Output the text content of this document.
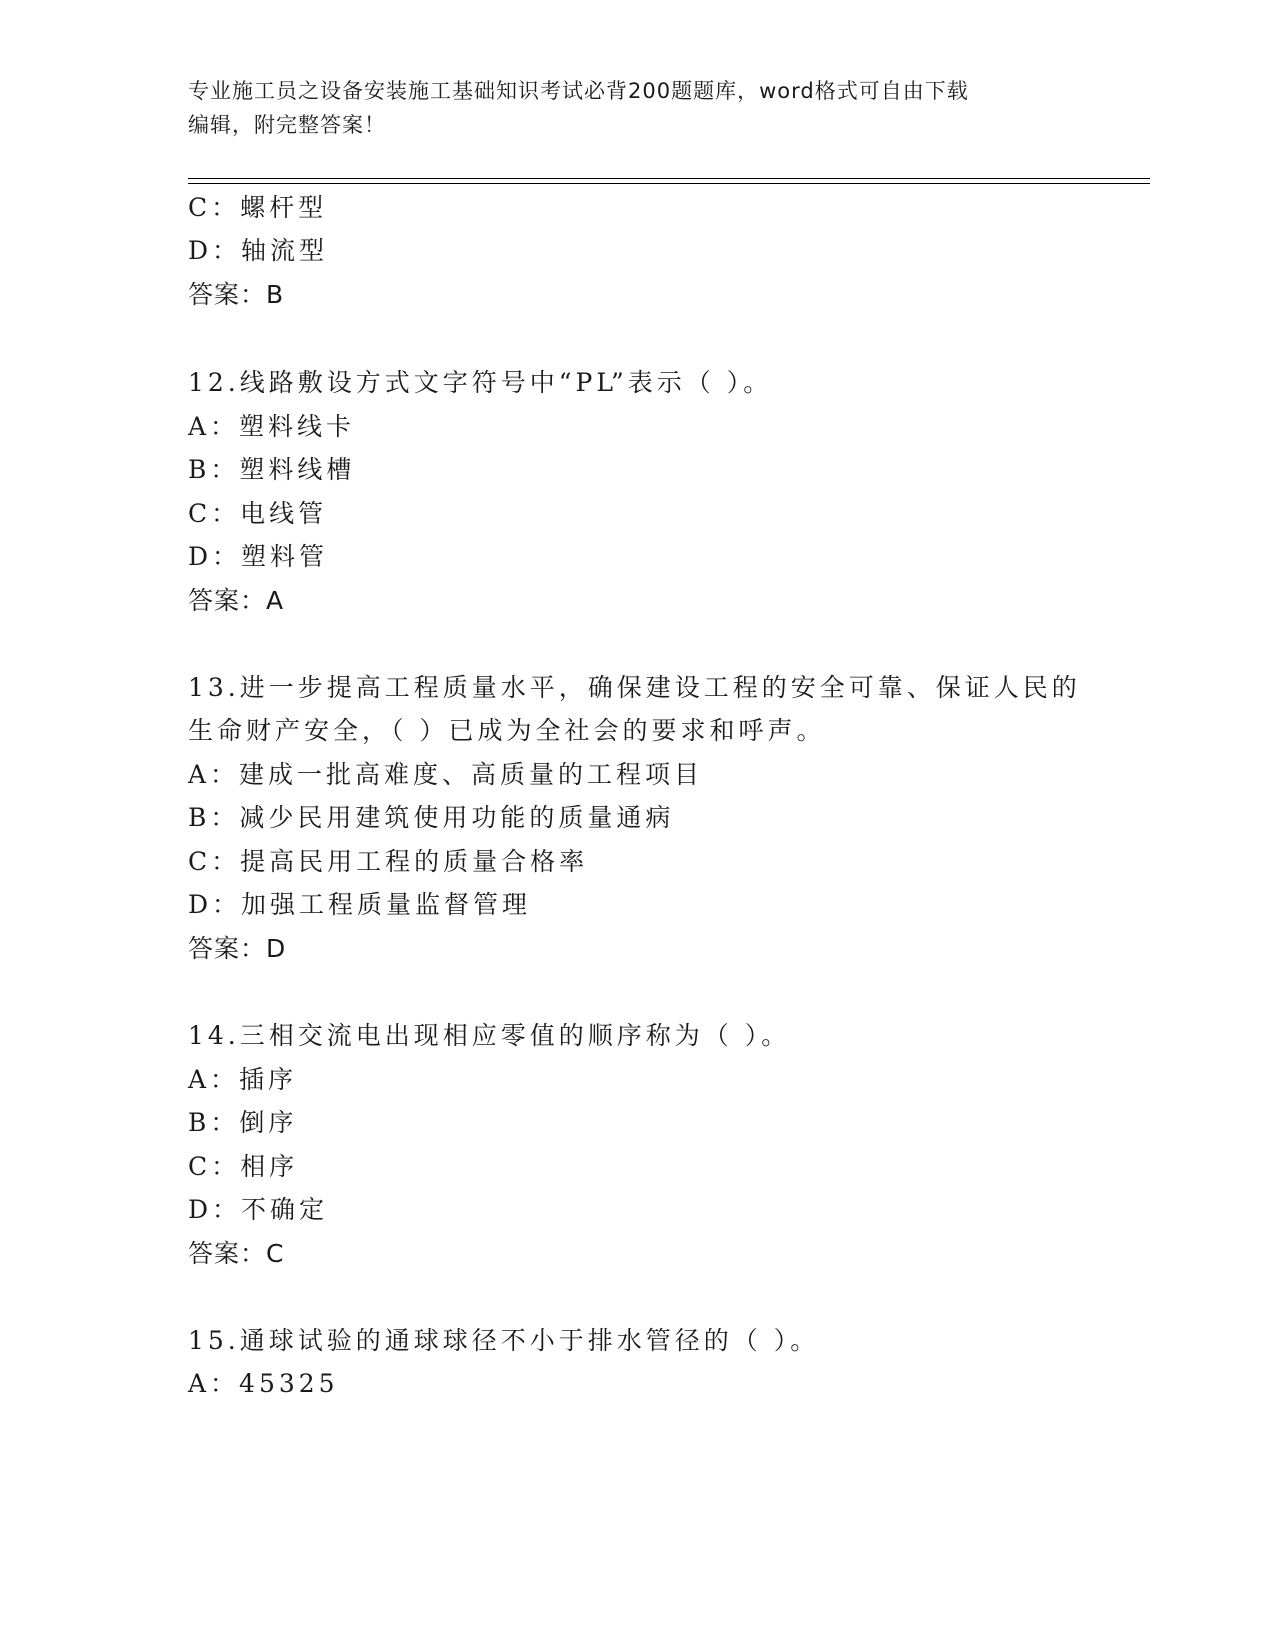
专业施工员之设备安装施工基础知识考试必背200题题库，word格式可自由下载
编辑，附完整答案！
C：螺杆型
D：轴流型
答案：B
12.线路敷设方式文字符号中“PL”表示（ ）。
A：塑料线卡
B：塑料线槽
C：电线管
D：塑料管
答案：A
13.进一步提高工程质量水平，确保建设工程的安全可靠、保证人民的
生命财产安全，（ ）已成为全社会的要求和呼声。
A：建成一批高难度、高质量的工程项目
B：减少民用建筑使用功能的质量通病
C：提高民用工程的质量合格率
D：加强工程质量监督管理
答案：D
14.三相交流电出现相应零值的顺序称为（ ）。
A：插序
B：倒序
C：相序
D：不确定
答案：C
15.通球试验的通球球径不小于排水管径的（ ）。
A：45325
